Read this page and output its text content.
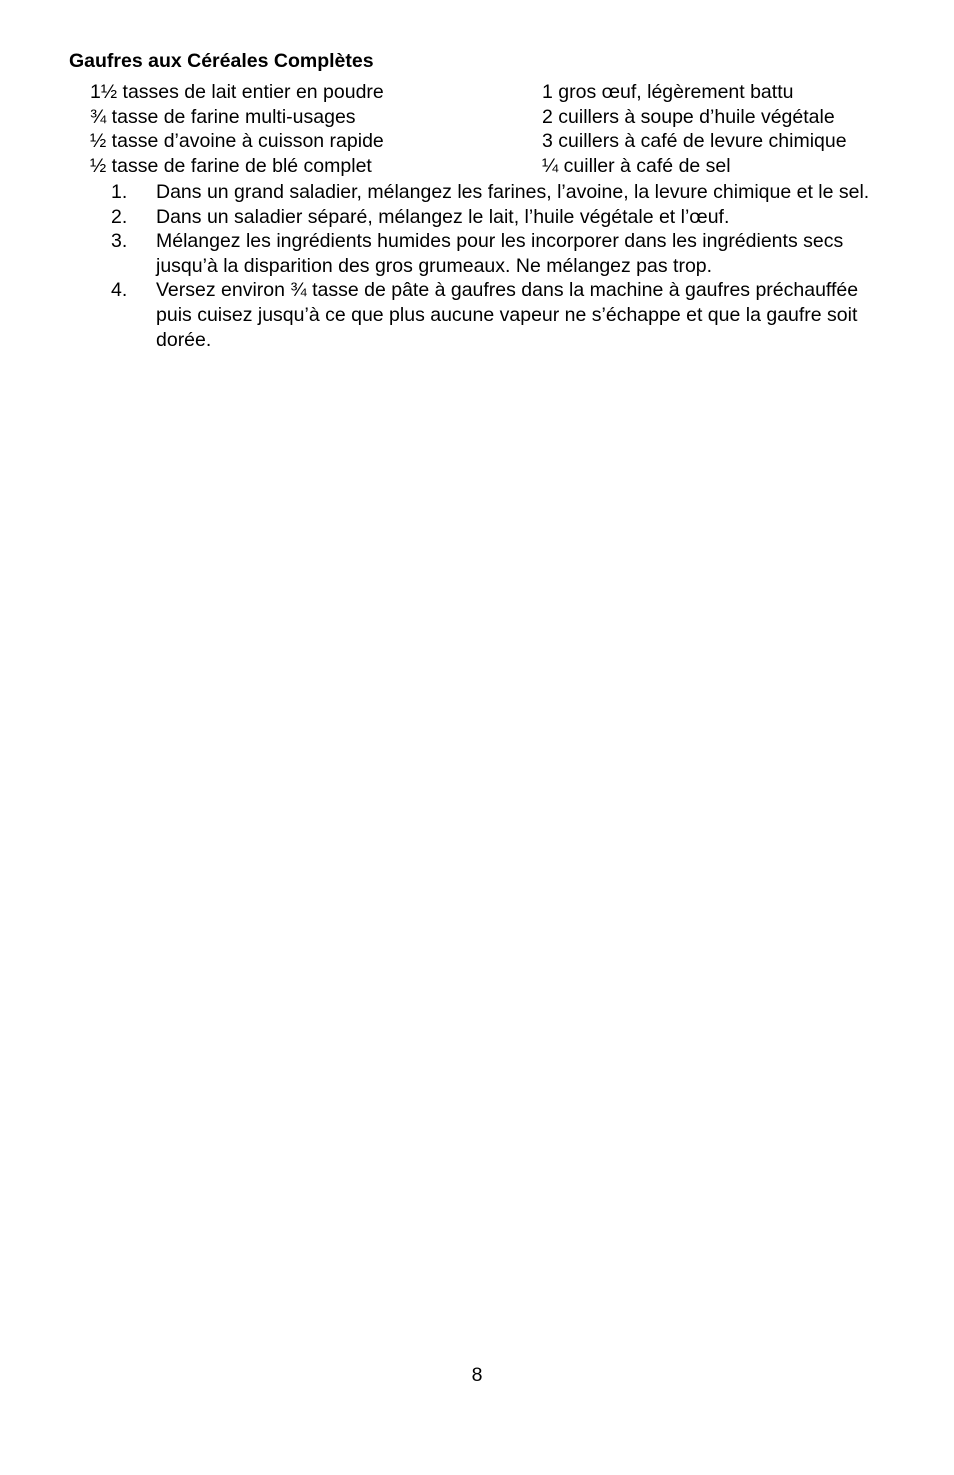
Gaufres aux Céréales Complètes
1½ tasses de lait entier en poudre	1 gros œuf, légèrement battu
¾ tasse de farine multi-usages	2 cuillers à soupe d’huile végétale
½ tasse d’avoine à cuisson rapide	3 cuillers à café de levure chimique
½ tasse de farine de blé complet	¼ cuiller à café de sel
1.	Dans un grand saladier, mélangez les farines, l’avoine, la levure chimique et le sel.
2.	Dans un saladier séparé, mélangez le lait, l’huile végétale et l’œuf.
3.	Mélangez les ingrédients humides pour les incorporer dans les ingrédients secs jusqu’à la disparition des gros grumeaux. Ne mélangez pas trop.
4.	Versez environ ¾ tasse de pâte à gaufres dans la machine à gaufres préchauffée puis cuisez jusqu’à ce que plus aucune vapeur ne s’échappe et que la gaufre soit dorée.
8
